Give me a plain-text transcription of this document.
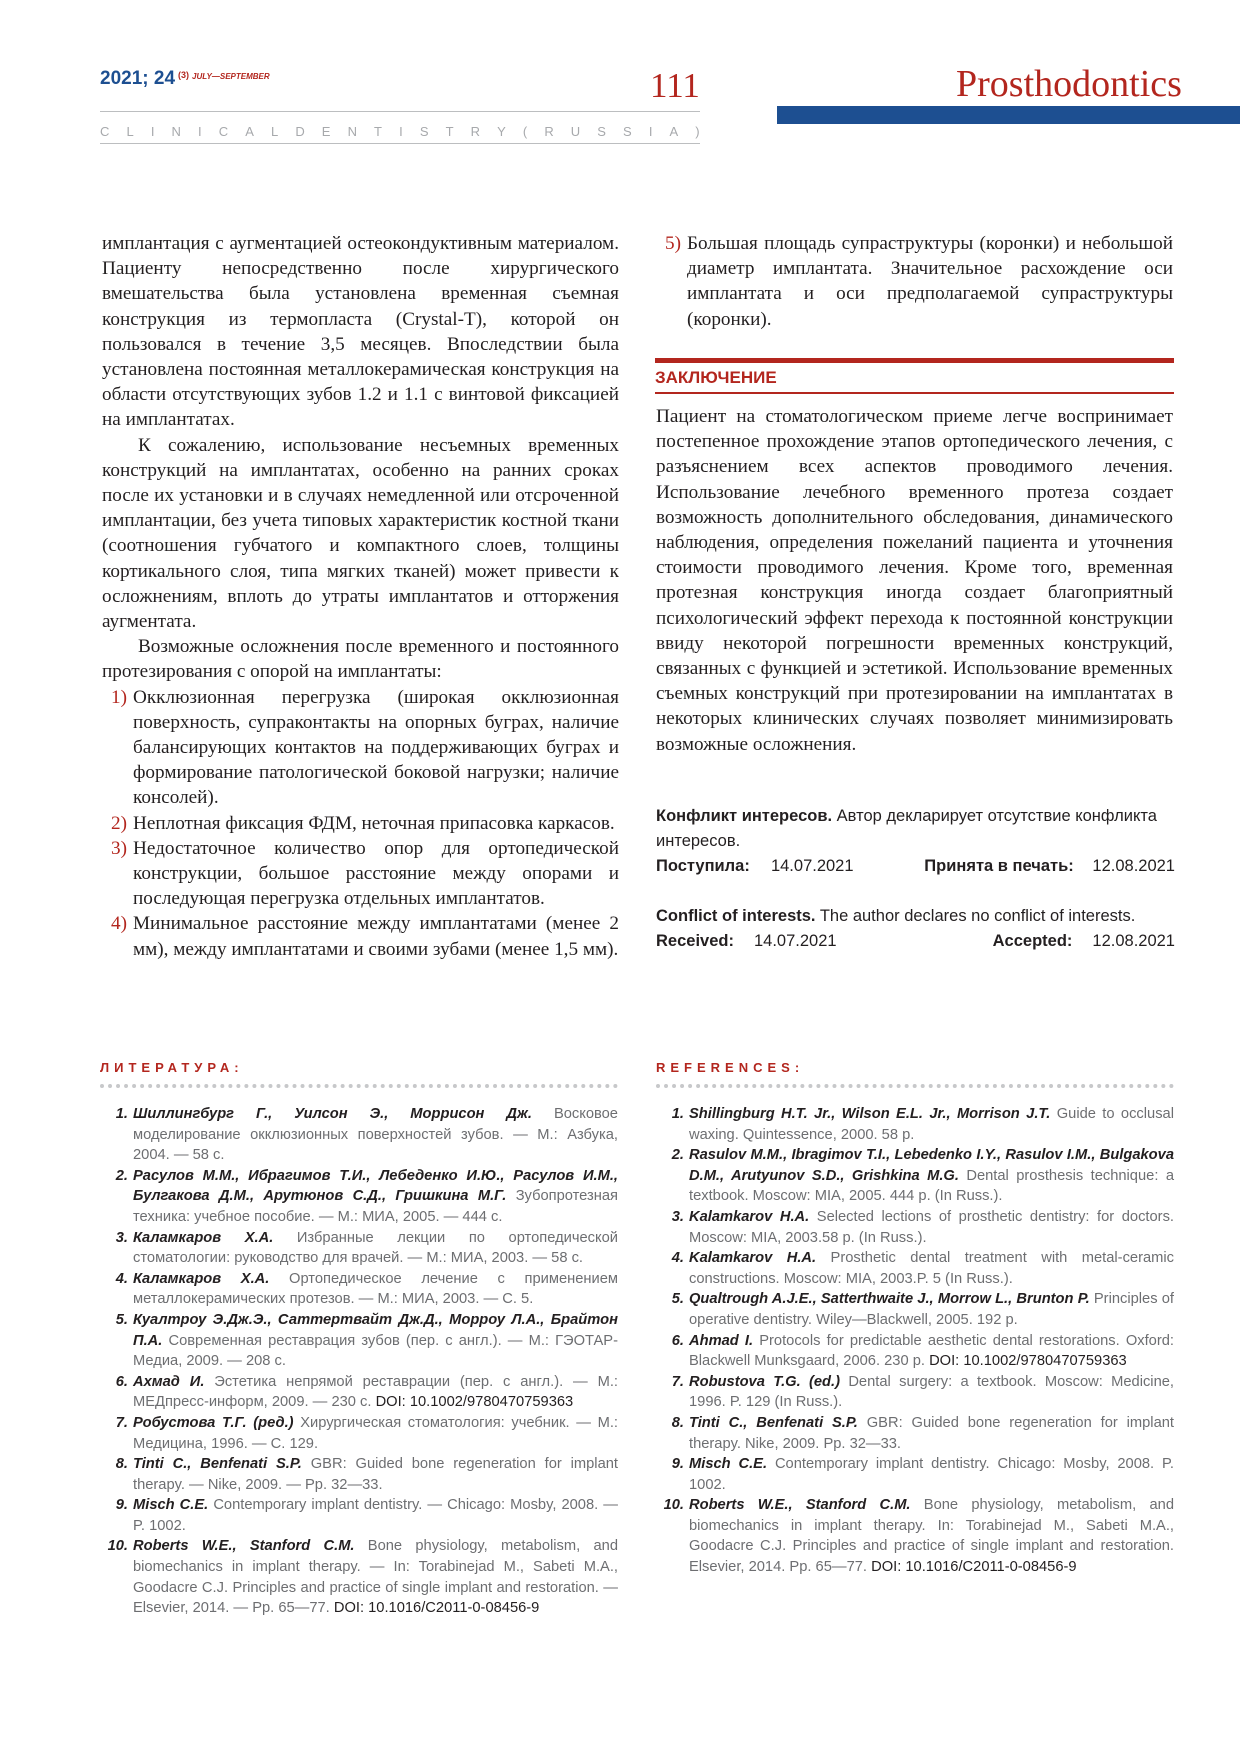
2021; 24 $^{(3)}$ $^{JULY—SEPTEMBER}$	111	Prosthodontics
C L I N I C A L D E N T I S T R Y ( R U S S I A )

имплантация с аугментацией остеокондуктивным материалом. Пациенту непосредственно после хирургического вмешательства была установлена временная съемная конструкция из термопласта (Crystal-T), которой он пользовался в течение 3,5 месяцев. Впоследствии была установлена постоянная металлокерамическая конструкция на области отсутствующих зубов 1.2 и 1.1 с винтовой фиксацией на имплантатах.

К сожалению, использование несъемных временных конструкций на имплантатах, особенно на ранних сроках после их установки и в случаях немедленной или отсроченной имплантации, без учета типовых характеристик костной ткани (соотношения губчатого и компактного слоев, толщины кортикального слоя, типа мягких тканей) может привести к осложнениям, вплоть до утраты имплантатов и отторжения аугментата.

Возможные осложнения после временного и постоянного протезирования с опорой на имплантаты:

1) Окклюзионная перегрузка (широкая окклюзионная поверхность, супраконтакты на опорных буграх, наличие балансирующих контактов на поддерживающих буграх и формирование патологической боковой нагрузки; наличие консолей).
2) Неплотная фиксация ФДМ, неточная припасовка каркасов.
3) Недостаточное количество опор для ортопедической конструкции, большое расстояние между опорами и последующая перегрузка отдельных имплантатов.
4) Минимальное расстояние между имплантатами (менее 2 мм), между имплантатами и своими зубами (менее 1,5 мм).
5) Большая площадь супраструктуры (коронки) и небольшой диаметр имплантата. Значительное расхождение оси имплантата и оси предполагаемой супраструктуры (коронки).
ЗАКЛЮЧЕНИЕ

Пациент на стоматологическом приеме легче воспринимает постепенное прохождение этапов ортопедического лечения, с разъяснением всех аспектов проводимого лечения. Использование лечебного временного протеза создает возможность дополнительного обследования, динамического наблюдения, определения пожеланий пациента и уточнения стоимости проводимого лечения. Кроме того, временная протезная конструкция иногда создает благоприятный психологический эффект перехода к постоянной конструкции ввиду некоторой погрешности временных конструкций, связанных с функцией и эстетикой. Использование временных съемных конструкций при протезировании на имплантатах в некоторых клинических случаях позволяет минимизировать возможные осложнения.

Конфликт интересов. Автор декларирует отсутствие конфликта интересов.
Поступила: 14.07.2021	Принята в печать:	12.08.2021
Conflict of interests. The author declares no conflict of interests.
Received:	14.07.2021	Accepted: 12.08.2021
ЛИТЕРАТУРА:
1. Шиллингбург Г., Уилсон Э., Моррисон Дж. Восковое моделирование окклюзионных поверхностей зубов. — М.: Азбука, 2004. — 58 с.
2. Расулов М.М., Ибрагимов Т.И., Лебеденко И.Ю., Расулов И.М., Булгакова Д.М., Арутюнов С.Д., Гришкина М.Г. Зубопротезная техника: учебное пособие. — М.: МИА, 2005. — 444 с.
3. Каламкаров Х.А. Избранные лекции по ортопедической стоматологии: руководство для врачей. — М.: МИА, 2003. — 58 с.
4. Каламкаров Х.А. Ортопедическое лечение с применением металлокерамических протезов. — М.: МИА, 2003. — С. 5.
5. Куалтроу Э.Дж.Э., Саттертвайт Дж.Д., Морроу Л.А., Брайтон П.А. Современная реставрация зубов (пер. с англ.). — М.: ГЭОТАР-Медиа, 2009. — 208 с.
6. Ахмад И. Эстетика непрямой реставрации (пер. с англ.). — М.: МЕДпресс-информ, 2009. — 230 с. DOI: 10.1002/9780470759363
7. Робустова Т.Г. (ред.) Хирургическая стоматология: учебник. — М.: Медицина, 1996. — С. 129.
8. Tinti C., Benfenati S.P. GBR: Guided bone regeneration for implant therapy. — Nike, 2009. — Pp. 32—33.
9. Misch C.E. Contemporary implant dentistry. — Chicago: Mosby, 2008. — P. 1002.
10. Roberts W.E., Stanford C.M. Bone physiology, metabolism, and biomechanics in implant therapy. — In: Torabinejad M., Sabeti M.A., Goodacre C.J. Principles and practice of single implant and restoration. — Elsevier, 2014. — Pp. 65—77. DOI: 10.1016/C2011-0-08456-9
REFERENCES:
1. Shillingburg H.T. Jr., Wilson E.L. Jr., Morrison J.T. Guide to occlusal waxing. Quintessence, 2000. 58 p.
2. Rasulov M.M., Ibragimov T.I., Lebedenko I.Y., Rasulov I.M., Bulgakova D.M., Arutyunov S.D., Grishkina M.G. Dental prosthesis technique: a textbook. Moscow: MIA, 2005. 444 p. (In Russ.).
3. Kalamkarov H.A. Selected lections of prosthetic dentistry: for doctors. Moscow: MIA, 2003.58 p. (In Russ.).
4. Kalamkarov H.A. Prosthetic dental treatment with metal-ceramic constructions. Moscow: MIA, 2003.P. 5 (In Russ.).
5. Qualtrough A.J.E., Satterthwaite J., Morrow L., Brunton P. Principles of operative dentistry. Wiley—Blackwell, 2005. 192 p.
6. Ahmad I. Protocols for predictable aesthetic dental restorations. Oxford: Blackwell Munksgaard, 2006. 230 p. DOI: 10.1002/9780470759363
7. Robustova T.G. (ed.) Dental surgery: a textbook. Moscow: Medicine, 1996. P. 129 (In Russ.).
8. Tinti C., Benfenati S.P. GBR: Guided bone regeneration for implant therapy. Nike, 2009. Pp. 32—33.
9. Misch C.E. Contemporary implant dentistry. Chicago: Mosby, 2008. P. 1002.
10. Roberts W.E., Stanford C.M. Bone physiology, metabolism, and biomechanics in implant therapy. In: Torabinejad M., Sabeti M.A., Goodacre C.J. Principles and practice of single implant and restoration. Elsevier, 2014. Pp. 65—77. DOI: 10.1016/C2011-0-08456-9
